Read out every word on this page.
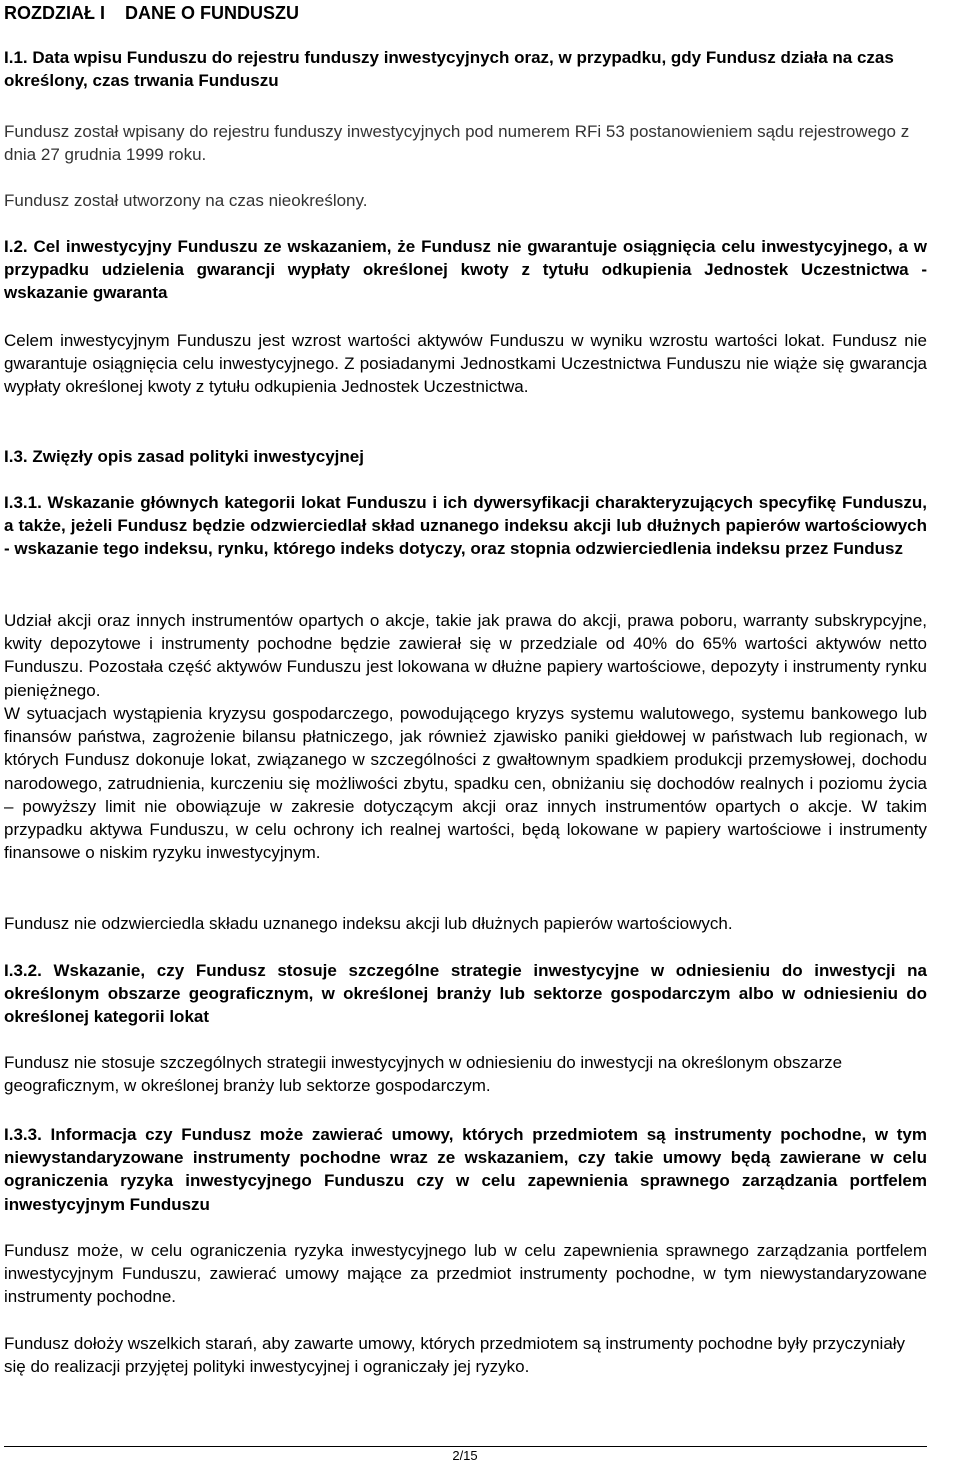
ROZDZIAŁ I DANE O FUNDUSZU
I.1. Data wpisu Funduszu do rejestru funduszy inwestycyjnych oraz, w przypadku, gdy Fundusz działa na czas określony, czas trwania Funduszu
Fundusz został wpisany do rejestru funduszy inwestycyjnych pod numerem RFi 53 postanowieniem sądu rejestrowego z dnia 27 grudnia 1999 roku.
Fundusz został utworzony na czas nieokreślony.
I.2. Cel inwestycyjny Funduszu ze wskazaniem, że Fundusz nie gwarantuje osiągnięcia celu inwestycyjnego, a w przypadku udzielenia gwarancji wypłaty określonej kwoty z tytułu odkupienia Jednostek Uczestnictwa - wskazanie gwaranta
Celem inwestycyjnym Funduszu jest wzrost wartości aktywów Funduszu w wyniku wzrostu wartości lokat. Fundusz nie gwarantuje osiągnięcia celu inwestycyjnego. Z posiadanymi Jednostkami Uczestnictwa Funduszu nie wiąże się gwarancja wypłaty określonej kwoty z tytułu odkupienia Jednostek Uczestnictwa.
I.3. Zwięzły opis zasad polityki inwestycyjnej
I.3.1. Wskazanie głównych kategorii lokat Funduszu i ich dywersyfikacji charakteryzujących specyfikę Funduszu, a także, jeżeli Fundusz będzie odzwierciedlał skład uznanego indeksu akcji lub dłużnych papierów wartościowych - wskazanie tego indeksu, rynku, którego indeks dotyczy, oraz stopnia odzwierciedlenia indeksu przez Fundusz
Udział akcji oraz innych instrumentów opartych o akcje, takie jak prawa do akcji, prawa poboru, warranty subskrypcyjne, kwity depozytowe i instrumenty pochodne będzie zawierał się w przedziale od 40% do 65% wartości aktywów netto Funduszu. Pozostała część aktywów Funduszu jest lokowana w dłużne papiery wartościowe, depozyty i instrumenty rynku pieniężnego.
W sytuacjach wystąpienia kryzysu gospodarczego, powodującego kryzys systemu walutowego, systemu bankowego lub finansów państwa, zagrożenie bilansu płatniczego, jak również zjawisko paniki giełdowej w państwach lub regionach, w których Fundusz dokonuje lokat, związanego w szczególności z gwałtownym spadkiem produkcji przemysłowej, dochodu narodowego, zatrudnienia, kurczeniu się możliwości zbytu, spadku cen, obniżaniu się dochodów realnych i poziomu życia – powyższy limit nie obowiązuje w zakresie dotyczącym akcji oraz innych instrumentów opartych o akcje. W takim przypadku aktywa Funduszu, w celu ochrony ich realnej wartości, będą lokowane w papiery wartościowe i instrumenty finansowe o niskim ryzyku inwestycyjnym.
Fundusz nie odzwierciedla składu uznanego indeksu akcji lub dłużnych papierów wartościowych.
I.3.2. Wskazanie, czy Fundusz stosuje szczególne strategie inwestycyjne w odniesieniu do inwestycji na określonym obszarze geograficznym, w określonej branży lub sektorze gospodarczym albo w odniesieniu do określonej kategorii lokat
Fundusz nie stosuje szczególnych strategii inwestycyjnych w odniesieniu do inwestycji na określonym obszarze geograficznym, w określonej branży lub sektorze gospodarczym.
I.3.3. Informacja czy Fundusz może zawierać umowy, których przedmiotem są instrumenty pochodne, w tym niewystandaryzowane instrumenty pochodne wraz ze wskazaniem, czy takie umowy będą zawierane w celu ograniczenia ryzyka inwestycyjnego Funduszu czy w celu zapewnienia sprawnego zarządzania portfelem inwestycyjnym Funduszu
Fundusz może, w celu ograniczenia ryzyka inwestycyjnego lub w celu zapewnienia sprawnego zarządzania portfelem inwestycyjnym Funduszu, zawierać umowy mające za przedmiot instrumenty pochodne, w tym niewystandaryzowane instrumenty pochodne.
Fundusz dołoży wszelkich starań, aby zawarte umowy, których przedmiotem są instrumenty pochodne były przyczyniały się do realizacji przyjętej polityki inwestycyjnej i ograniczały jej ryzyko.
2/15
